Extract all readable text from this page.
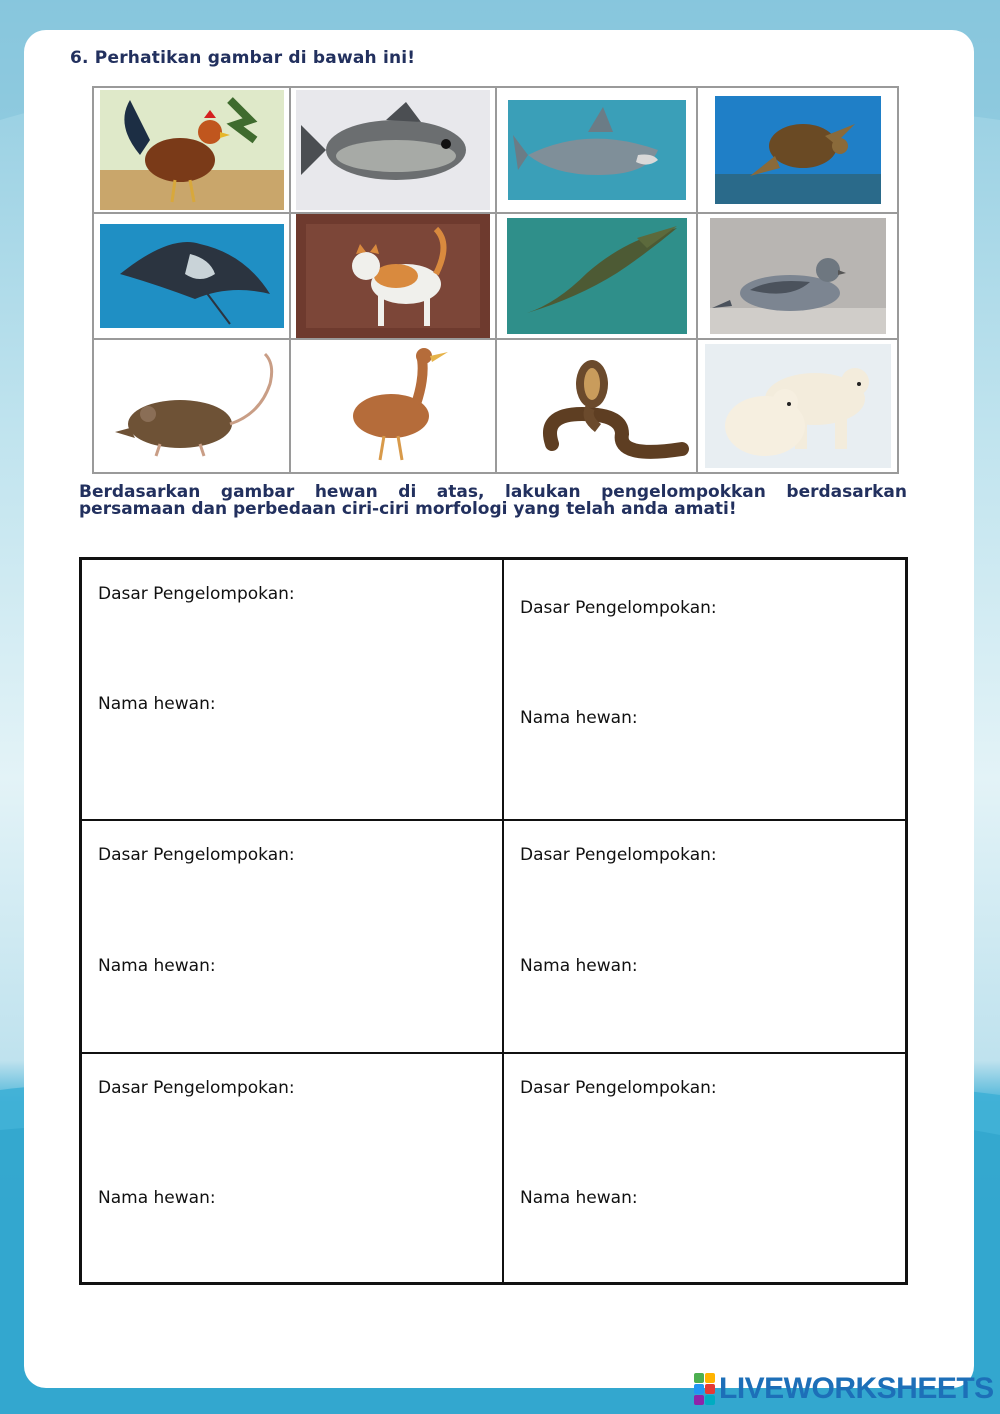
6. Perhatikan gambar di bawah ini!

Berdasarkan gambar hewan di atas, lakukan pengelompokkan berdasarkan persamaan dan perbedaan ciri-ciri morfologi yang telah anda amati!

Dasar Pengelompokan:
Nama hewan:
Dasar Pengelompokan:
Nama hewan:
Dasar Pengelompokan:
Nama hewan:
Dasar Pengelompokan:
Nama hewan:
Dasar Pengelompokan:
Nama hewan:
Dasar Pengelompokan:
Nama hewan:
LIVEWORKSHEETS
